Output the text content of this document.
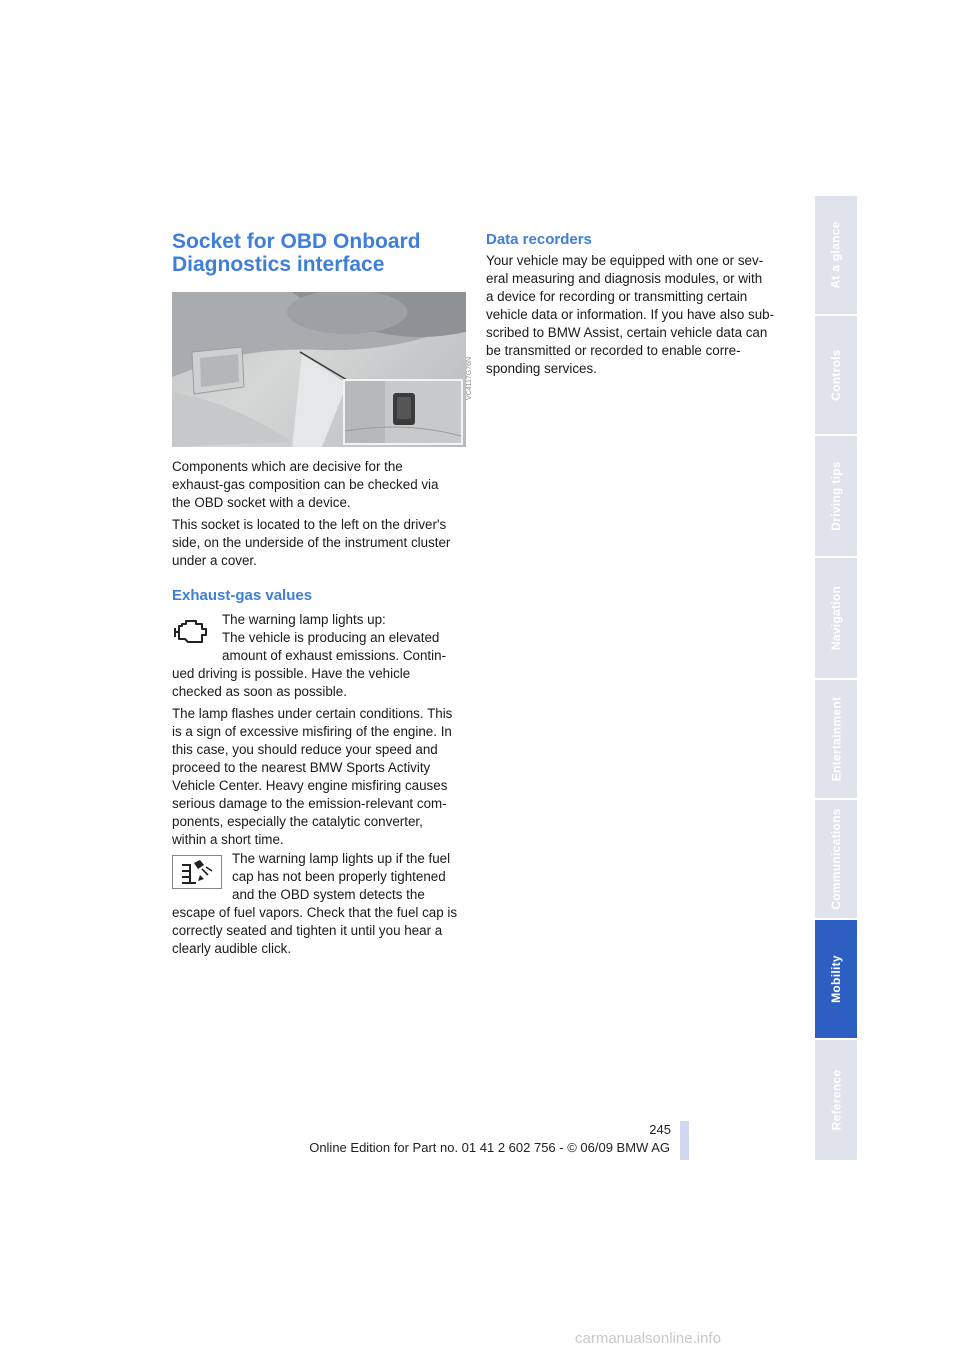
Socket for OBD Onboard
Diagnostics interface
VC4117G76N

Components which are decisive for the
exhaust-gas composition can be checked via
the OBD socket with a device.

This socket is located to the left on the driver's
side, on the underside of the instrument cluster
under a cover.

Exhaust-gas values

The warning lamp lights up:
The vehicle is producing an elevated
amount of exhaust emissions. Contin-

ued driving is possible. Have the vehicle
checked as soon as possible.

The lamp flashes under certain conditions. This
is a sign of excessive misfiring of the engine. In
this case, you should reduce your speed and
proceed to the nearest BMW Sports Activity
Vehicle Center. Heavy engine misfiring causes
serious damage to the emission-relevant com-
ponents, especially the catalytic converter,
within a short time.

The warning lamp lights up if the fuel
cap has not been properly tightened
and the OBD system detects the

escape of fuel vapors. Check that the fuel cap is
correctly seated and tighten it until you hear a
clearly audible click.

Data recorders

Your vehicle may be equipped with one or sev-
eral measuring and diagnosis modules, or with
a device for recording or transmitting certain
vehicle data or information. If you have also sub-
scribed to BMW Assist, certain vehicle data can
be transmitted or recorded to enable corre-
sponding services.

At a glance
Controls
Driving tips
Navigation
Entertainment
Communications
Mobility
Reference
245
Online Edition for Part no. 01 41 2 602 756 - © 06/09 BMW AG
carmanualsonline.info
